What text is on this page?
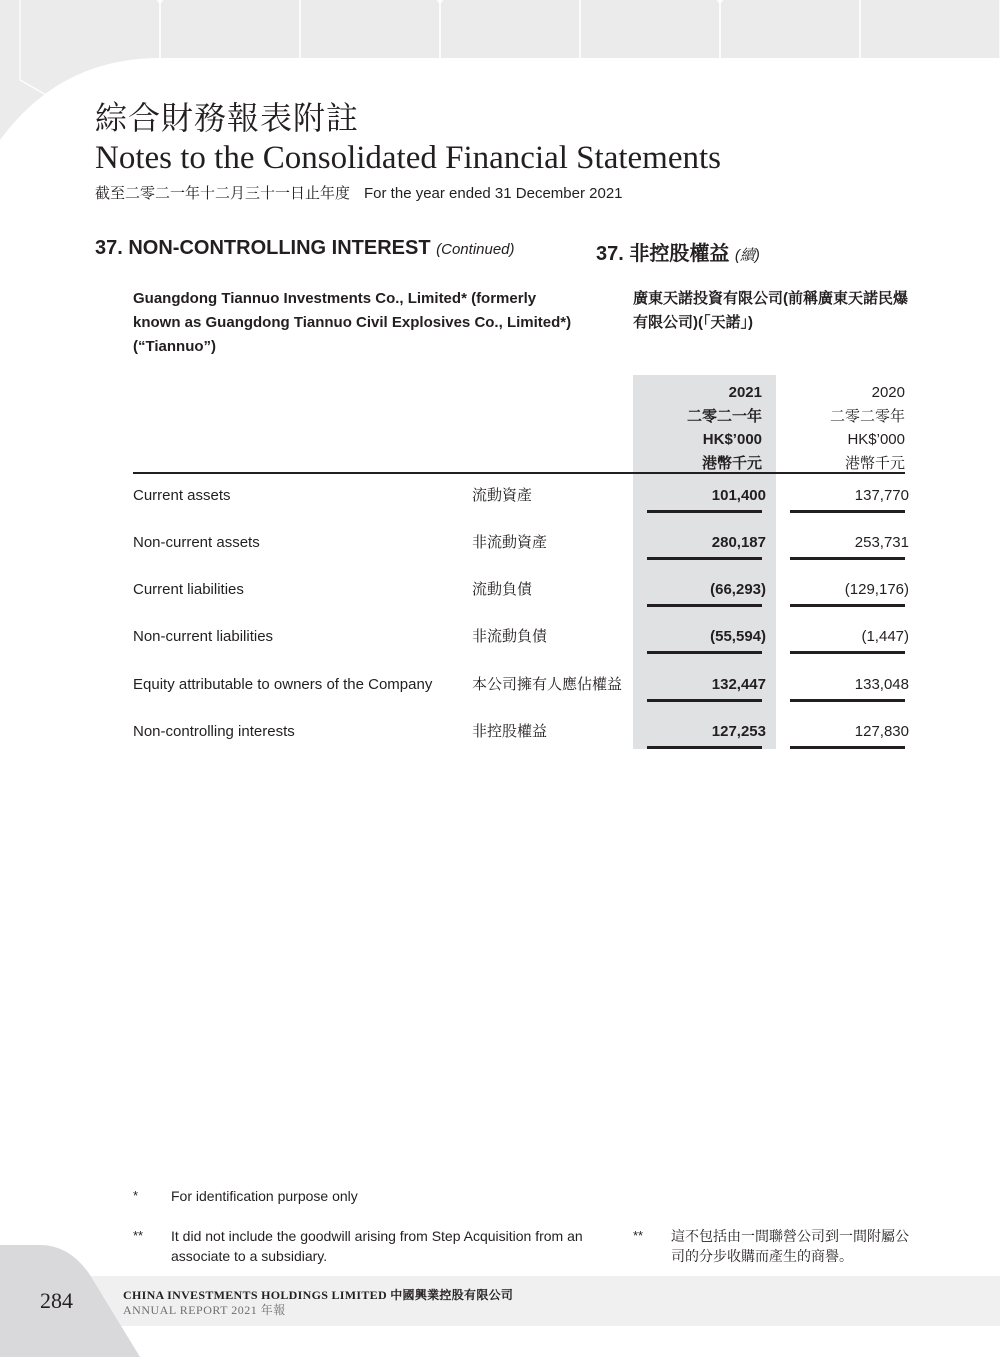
綜合財務報表附註
Notes to the Consolidated Financial Statements
截至二零二一年十二月三十一日止年度 For the year ended 31 December 2021
37. NON-CONTROLLING INTEREST (Continued)	37. 非控股權益 (續)
Guangdong Tiannuo Investments Co., Limited* (formerly known as Guangdong Tiannuo Civil Explosives Co., Limited*) (“Tiannuo”)
廣東天諾投資有限公司(前稱廣東天諾民爆有限公司)(「天諾」)
2021
二零二一年
HK$’000
港幣千元
2020
二零二零年
HK$’000
港幣千元
Current assets	流動資產	101,400	137,770
Non-current assets	非流動資產	280,187	253,731
Current liabilities	流動負債	(66,293)	(129,176)
Non-current liabilities	非流動負債	(55,594)	(1,447)
Equity attributable to owners of the Company	本公司擁有人應佔權益	132,447	133,048
Non-controlling interests	非控股權益	127,253	127,830
* For identification purpose only
** It did not include the goodwill arising from Step Acquisition from an associate to a subsidiary.
** 這不包括由一間聯營公司到一間附屬公司的分步收購而產生的商譽。
284	CHINA INVESTMENTS HOLDINGS LIMITED 中國興業控股有限公司
ANNUAL REPORT 2021 年報
